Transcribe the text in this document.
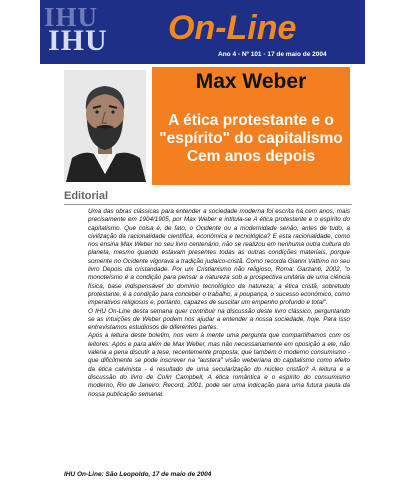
IHU
IHU On-Line
Ano 4 - Nº 101 - 17 de maio de 2004
Max Weber
A ética protestante e o
"espírito" do capitalismo
Cem anos depois
Editorial

Uma das obras clássicas para entender a sociedade moderna foi escrita há cem anos, mais precisamente em 1904/1905, por Max Weber e intitula-se A ética protestante e o espírito do capitalismo. Que coisa é, de fato, o Ocidente ou a modernidade senão, antes de tudo, a civilização da racionalidade científica, econômica e tecnológica? E esta racionalidade, como nos ensina Max Weber no seu livro centenário, não se realizou em nenhuma outra cultura do planeta, mesmo quando estavam presentes todas as outras condições materiais, porque somente no Ocidente vigorava a tradição judaico-cristã. Como recorda Gianni Vattimo no seu livro Depois da cristandade. Por um Cristianismo não religioso, Roma: Garzanti, 2002, "o monoteísmo é a condição para pensar a natureza sob a prospectiva unitária de uma ciência física, base indispensável do domínio tecnológico da natureza; a ética cristã, sobretudo protestante, é a condição para conceber o trabalho, a poupança, o sucesso econômico, como imperativos religiosos e, portanto, capazes de suscitar um empenho profundo e total".

O IHU On-Line desta semana quer contribuir na discussão deste livro clássico, perguntando se as intuições de Weber podem nos ajudar a entender a nossa sociedade, hoje. Para isso entrevistamos estudiosos de diferentes partes.

Após a leitura deste boletim, nos vem à mente uma pergunta que compartilhamos com os leitores: Após e para além de Max Weber, mas não necessariamente em oposição a ele, não valeria a pena discutir a tese, recentemente proposta, que também o moderno consumismo - que dificilmente se pode inscrever na "austera" visão weberiana do capitalismo como efeito da ética calvinista - é resultado de uma secularização do núcleo cristão? A leitura e a discussão do livro de Colin Campbell, A ética romântica e o espírito do consumismo moderno, Rio de Janeiro: Record, 2001, pode ser uma indicação para uma futura pauta da nossa publicação semanal.

IHU On-Line: São Leopoldo, 17 de maio de 2004
